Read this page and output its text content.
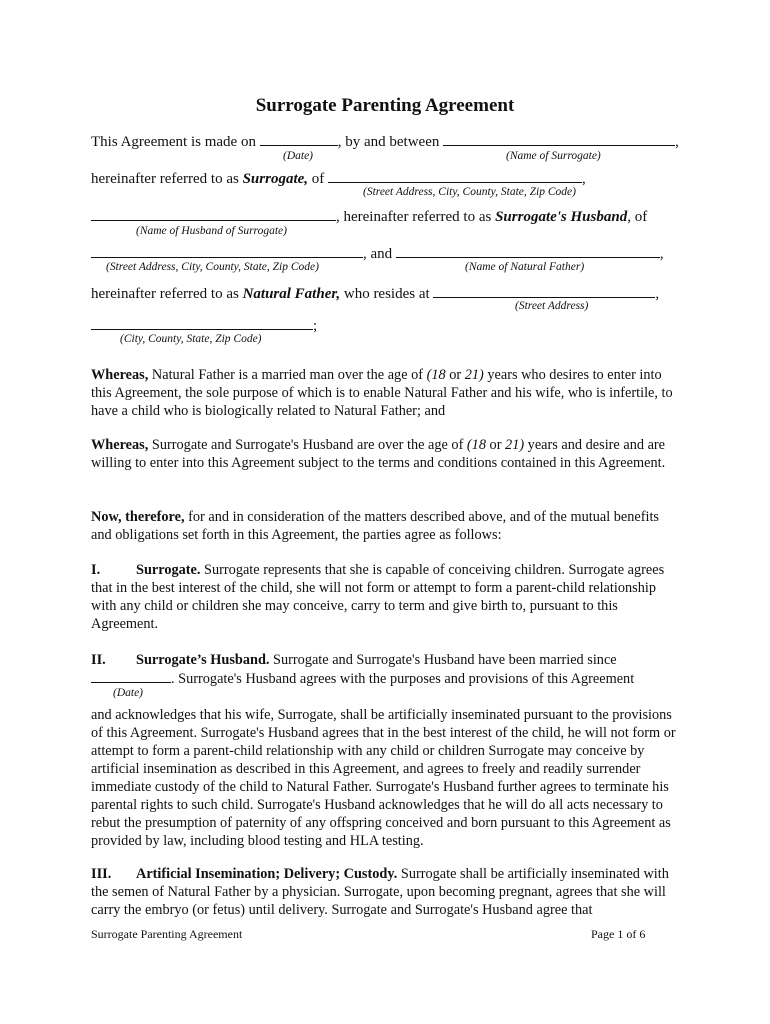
Surrogate Parenting Agreement
This Agreement is made on	, by and between	,
(Date)	(Name of Surrogate)
hereinafter referred to as Surrogate, of	,
(Street Address, City, County, State, Zip Code)
, hereinafter referred to as Surrogate's Husband, of
(Name of Husband of Surrogate)
, and	,
(Street Address, City, County, State, Zip Code)	(Name of Natural Father)
hereinafter referred to as Natural Father, who resides at	,
(Street Address)
;
(City, County, State, Zip Code)

Whereas, Natural Father is a married man over the age of (18 or 21) years who desires to enter into this Agreement, the sole purpose of which is to enable Natural Father and his wife, who is infertile, to have a child who is biologically related to Natural Father; and

Whereas, Surrogate and Surrogate's Husband are over the age of (18 or 21) years and desire and are willing to enter into this Agreement subject to the terms and conditions contained in this Agreement.

Now, therefore, for and in consideration of the matters described above, and of the mutual benefits and obligations set forth in this Agreement, the parties agree as follows:

I.	Surrogate. Surrogate represents that she is capable of conceiving children. Surrogate agrees that in the best interest of the child, she will not form or attempt to form a parent-child relationship with any child or children she may conceive, carry to term and give birth to, pursuant to this Agreement.

II. Surrogate’s Husband. Surrogate and Surrogate's Husband have been married since

. Surrogate's Husband agrees with the purposes and provisions of this Agreement

(Date)

and acknowledges that his wife, Surrogate, shall be artificially inseminated pursuant to the provisions of this Agreement. Surrogate's Husband agrees that in the best interest of the child, he will not form or attempt to form a parent-child relationship with any child or children Surrogate may conceive by artificial insemination as described in this Agreement, and agrees to freely and readily surrender immediate custody of the child to Natural Father. Surrogate's Husband further agrees to terminate his parental rights to such child. Surrogate's Husband acknowledges that he will do all acts necessary to rebut the presumption of paternity of any offspring conceived and born pursuant to this Agreement as provided by law, including blood testing and HLA testing.

III. Artificial Insemination; Delivery; Custody. Surrogate shall be artificially inseminated with the semen of Natural Father by a physician. Surrogate, upon becoming pregnant, agrees that she will carry the embryo (or fetus) until delivery. Surrogate and Surrogate's Husband agree that

Surrogate Parenting Agreement	Page 1 of 6
